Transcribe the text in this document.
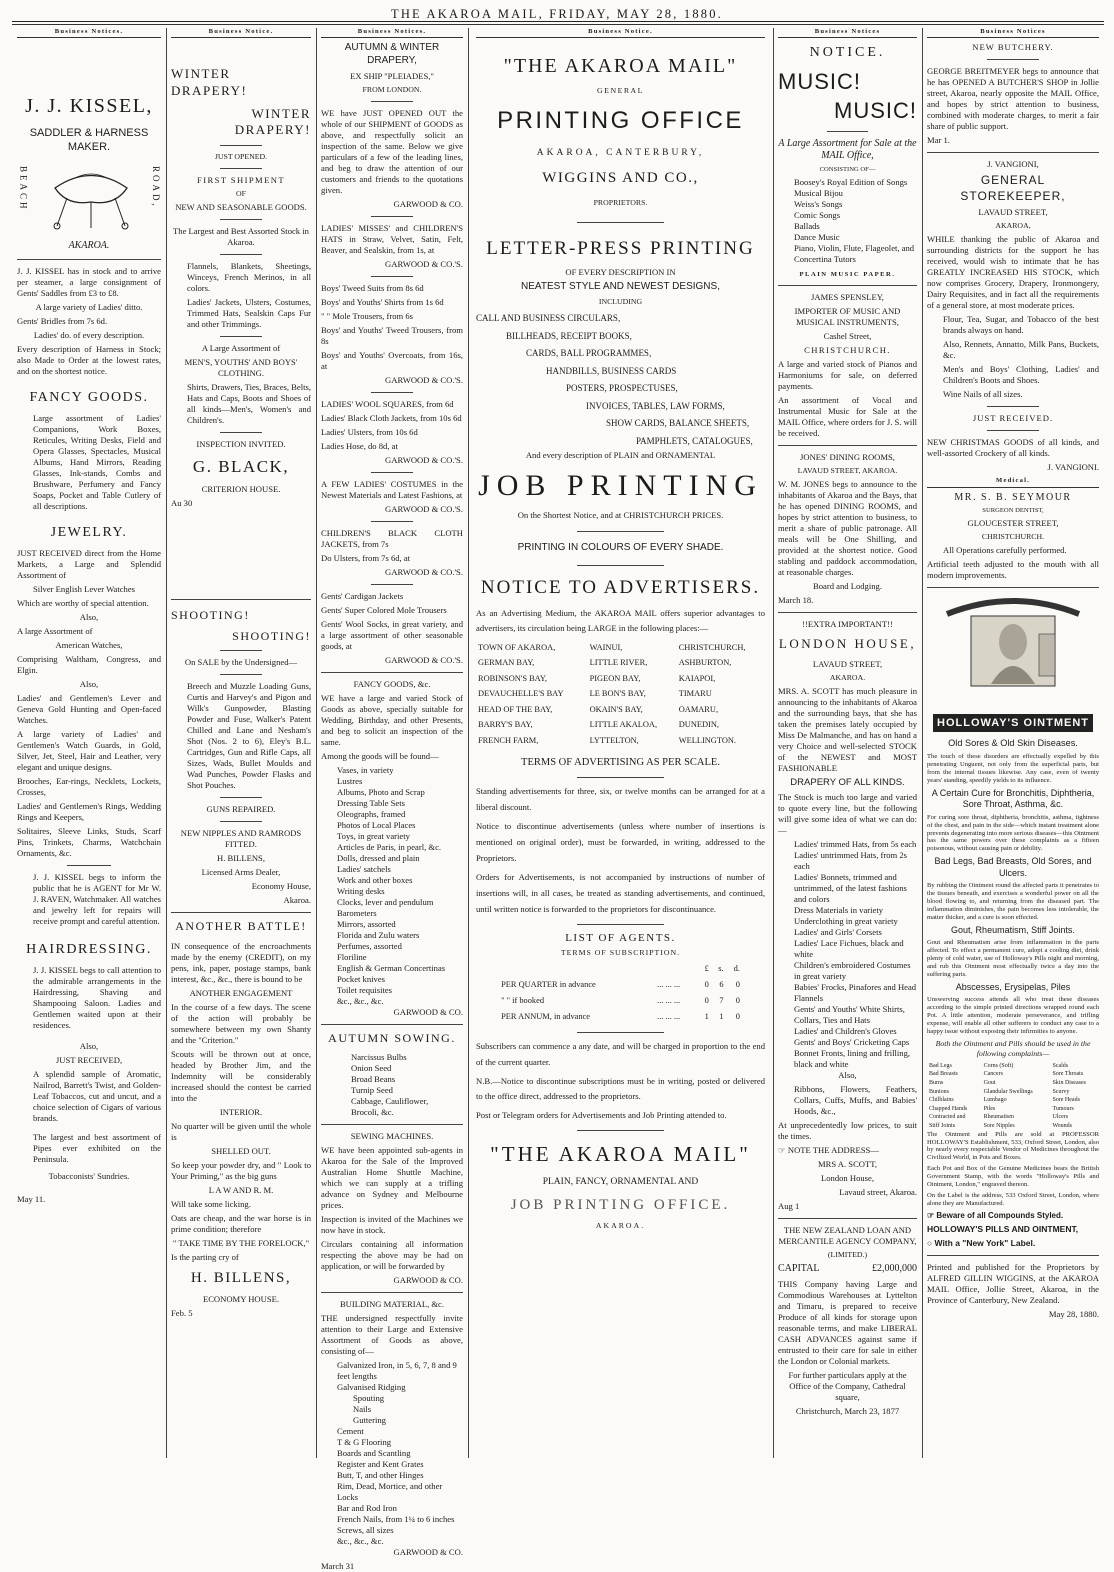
THE AKAROA MAIL, FRIDAY, MAY 28, 1880.
Business Notices.
J. J. KISSEL,
SADDLER & HARNESS MAKER.
BEACH	ROAD,
AKAROA.

J. J. KISSEL has in stock and to arrive per steamer, a large consignment of Gents' Saddles from £3 to £8.

A large variety of Ladies' ditto.

Gents' Bridles from 7s 6d.

Ladies' do. of every description.

Every description of Harness in Stock; also Made to Order at the lowest rates, and on the shortest notice.

FANCY GOODS.

Large assortment of Ladies' Companions, Work Boxes, Reticules, Writing Desks, Field and Opera Glasses, Spectacles, Musical Albums, Hand Mirrors, Reading Glasses, Ink-stands, Combs and Brushware, Perfumery and Fancy Soaps, Pocket and Table Cutlery of all descriptions.

JEWELRY.

JUST RECEIVED direct from the Home Markets, a Large and Splendid Assortment of

Silver English Lever Watches

Which are worthy of special attention.

Also,

A large Assortment of

American Watches,

Comprising Waltham, Congress, and Elgin.

Also,

Ladies' and Gentlemen's Lever and Geneva Gold Hunting and Open-faced Watches.

A large variety of Ladies' and Gentlemen's Watch Guards, in Gold, Silver, Jet, Steel, Hair and Leather, very elegant and unique designs.

Brooches, Ear-rings, Necklets, Lockets, Crosses,

Ladies' and Gentlemen's Rings, Wedding Rings and Keepers,

Solitaires, Sleeve Links, Studs, Scarf Pins, Trinkets, Charms, Watchchain Ornaments, &c.

J. J. KISSEL begs to inform the public that he is AGENT for Mr W. J. RAVEN, Watchmaker. All watches and jewelry left for repairs will receive prompt and careful attention.

HAIRDRESSING.

J. J. KISSEL begs to call attention to the admirable arrangements in the Hairdressing, Shaving and Shampooing Saloon. Ladies and Gentlemen waited upon at their residences.

Also,

JUST RECEIVED,

A splendid sample of Aromatic, Nailrod, Barrett's Twist, and Golden-Leaf Tobaccos, cut and uncut, and a choice selection of Cigars of various brands.

The largest and best assortment of Pipes ever exhibited on the Peninsula.

Tobacconists' Sundries.

May 11.

Business Notice.
WINTER DRAPERY!
WINTER DRAPERY!

JUST OPENED.

FIRST SHIPMENT

OF

NEW AND SEASONABLE GOODS.

The Largest and Best Assorted Stock in Akaroa.

Flannels, Blankets, Sheetings, Winceys, French Merinos, in all colors.

Ladies' Jackets, Ulsters, Costumes, Trimmed Hats, Sealskin Caps Fur and other Trimmings.

A Large Assortment of

MEN'S, YOUTHS' AND BOYS' CLOTHING.

Shirts, Drawers, Ties, Braces, Belts, Hats and Caps, Boots and Shoes of all kinds—Men's, Women's and Children's.

INSPECTION INVITED.

G. BLACK,

CRITERION HOUSE.

Au 30

SHOOTING!
SHOOTING!

On SALE by the Undersigned—

Breech and Muzzle Loading Guns, Curtis and Harvey's and Pigon and Wilk's Gunpowder, Blasting Powder and Fuse, Walker's Patent Chilled and Lane and Nesham's Shot (Nos. 2 to 6), Eley's B.L. Cartridges, Gun and Rifle Caps, all Sizes, Wads, Bullet Moulds and Wad Punches, Powder Flasks and Shot Pouches.

GUNS REPAIRED.

NEW NIPPLES AND RAMRODS FITTED.

H. BILLENS,

Licensed Arms Dealer,

Economy House,

Akaroa.

ANOTHER BATTLE!

IN consequence of the encroachments made by the enemy (CREDIT), on my pens, ink, paper, postage stamps, bank interest, &c., &c., there is bound to be

ANOTHER ENGAGEMENT

In the course of a few days. The scene of the action will probably be somewhere between my own Shanty and the "Criterion."

Scouts will be thrown out at once, headed by Brother Jim, and the Indemnity will be considerably increased should the contest be carried into the

INTERIOR.

No quarter will be given until the whole is

SHELLED OUT.

So keep your powder dry, and " Look to Your Priming," as the big guns

L A W AND R. M.

Will take some licking.

Oats are cheap, and the war horse is in prime condition; therefore

" TAKE TIME BY THE FORELOCK,"

Is the parting cry of

H. BILLENS,

ECONOMY HOUSE.

Feb. 5

Business Notices.

AUTUMN & WINTER DRAPERY,

EX SHIP "PLEIADES,"

FROM LONDON.

WE have JUST OPENED OUT the whole of our SHIPMENT of GOODS as above, and respectfully solicit an inspection of the same. Below we give particulars of a few of the leading lines, and beg to draw the attention of our customers and friends to the quotations given.

GARWOOD & CO.

LADIES' MISSES' and CHILDREN'S HATS in Straw, Velvet, Satin, Felt, Beaver, and Sealskin, from 1s, at

GARWOOD & CO.'S.

Boys' Tweed Suits from 8s 6d

Boys' and Youths' Shirts from 1s 6d

" " Mole Trousers, from 6s

Boys' and Youths' Tweed Trousers, from 8s

Boys' and Youths' Overcoats, from 16s, at

GARWOOD & CO.'S.

LADIES' WOOL SQUARES, from 6d

Ladies' Black Cloth Jackets, from 10s 6d

Ladies' Ulsters, from 10s 6d

Ladies Hose, do 8d, at

GARWOOD & CO.'S.

A FEW LADIES' COSTUMES in the Newest Materials and Latest Fashions, at

GARWOOD & CO.'S.

CHILDREN'S BLACK CLOTH JACKETS, from 7s

Do Ulsters, from 7s 6d, at

GARWOOD & CO.'S.

Gents' Cardigan Jackets

Gents' Super Colored Mole Trousers

Gents' Wool Socks, in great variety, and a large assortment of other seasonable goods, at

GARWOOD & CO.'S.

FANCY GOODS, &c.

WE have a large and varied Stock of Goods as above, specially suitable for Wedding, Birthday, and other Presents, and beg to solicit an inspection of the same.

Among the goods will be found—

Vases, in variety
Lustres
Albums, Photo and Scrap
Dressing Table Sets
Oleographs, framed
Photos of Local Places
Toys, in great variety
Articles de Paris, in pearl, &c.
Dolls, dressed and plain
Ladies' satchels
Work and other boxes
Writing desks
Clocks, lever and pendulum
Barometers
Mirrors, assorted
Florida and Zulu waters
Perfumes, assorted
Floriline
English & German Concertinas
Pocket knives
Toilet requisites
&c., &c., &c.

GARWOOD & CO.

AUTUMN SOWING.
Narcissus Bulbs
Onion Seed
Broad Beans
Turnip Seed
Cabbage, Cauliflower,
Brocoli, &c.

SEWING MACHINES.

WE have been appointed sub-agents in Akaroa for the Sale of the Improved Australian Home Shuttle Machine, which we can supply at a trifling advance on Sydney and Melbourne prices.

Inspection is invited of the Machines we now have in stock.

Circulars containing all information respecting the above may be had on application, or will be forwarded by

GARWOOD & CO.

BUILDING MATERIAL, &c.

THE undersigned respectfully invite attention to their Large and Extensive Assortment of Goods as above, consisting of—

Galvanized Iron, in 5, 6, 7, 8 and 9 feet lengths
Galvanised Ridging
Spouting
Nails
Guttering
Cement
T & G Flooring
Boards and Scantling
Register and Kent Grates
Butt, T, and other Hinges
Rim, Dead, Mortice, and other Locks
Bar and Rod Iron
French Nails, from 1¼ to 6 inches
Screws, all sizes
&c., &c., &c.

GARWOOD & CO.

March 31

Business Notice.
"THE AKAROA MAIL"

GENERAL

PRINTING OFFICE

AKAROA, CANTERBURY,

WIGGINS AND CO.,

PROPRIETORS.

LETTER-PRESS PRINTING

OF EVERY DESCRIPTION IN

NEATEST STYLE AND NEWEST DESIGNS,

INCLUDING

CALL AND BUSINESS CIRCULARS,
BILLHEADS, RECEIPT BOOKS,
CARDS, BALL PROGRAMMES,
HANDBILLS, BUSINESS CARDS
POSTERS, PROSPECTUSES,
INVOICES, TABLES, LAW FORMS,
SHOW CARDS, BALANCE SHEETS,
PAMPHLETS, CATALOGUES,

And every description of PLAIN and ORNAMENTAL

JOB PRINTING

On the Shortest Notice, and at CHRISTCHURCH PRICES.

PRINTING IN COLOURS OF EVERY SHADE.

NOTICE TO ADVERTISERS.

As an Advertising Medium, the AKAROA MAIL offers superior advantages to advertisers, its circulation being LARGE in the following places:—

TOWN OF AKAROA,	WAINUI,	CHRISTCHURCH,
GERMAN BAY,	LITTLE RIVER,	ASHBURTON,
ROBINSON'S BAY,	PIGEON BAY,	KAIAPOI,
DEVAUCHELLE'S BAY	LE BON'S BAY,	TIMARU
HEAD OF THE BAY,	OKAIN'S BAY,	OAMARU,
BARRY'S BAY,	LITTLE AKALOA,	DUNEDIN,
FRENCH FARM,	LYTTELTON,	WELLINGTON.

TERMS OF ADVERTISING AS PER SCALE.

Standing advertisements for three, six, or twelve months can be arranged for at a liberal discount.

Notice to discontinue advertisements (unless where number of insertions is mentioned on original order), must be forwarded, in writing, addressed to the Proprietors.

Orders for Advertisements, is not accompanied by instructions of number of insertions will, in all cases, be treated as standing advertisements, and continued, until written notice is forwarded to the proprietors for discontinuance.

LIST OF AGENTS.

TERMS OF SUBSCRIPTION.

		£	s.	d.
PER QUARTER in advance	... ... ...	0	6	0
" " if booked	... ... ...	0	7	0
PER ANNUM, in advance	... ... ...	1	1	0

Subscribers can commence a any date, and will be charged in proportion to the end of the current quarter.

N.B.—Notice to discontinue subscriptions must be in writing, posted or delivered to the office direct, addressed to the proprietors.

Post or Telegram orders for Advertisements and Job Printing attended to.

"THE AKAROA MAIL"

PLAIN, FANCY, ORNAMENTAL AND

JOB PRINTING OFFICE.

AKAROA.

Business Notices
NOTICE.
MUSIC!
MUSIC!

A Large Assortment for Sale at the MAIL Office,

CONSISTING OF—

Boosey's Royal Edition of Songs
Musical Bijou
Weiss's Songs
Comic Songs
Ballads
Dance Music
Piano, Violin, Flute, Flageolet, and Concertina Tutors

PLAIN MUSIC PAPER.

JAMES SPENSLEY,

IMPORTER OF MUSIC AND MUSICAL INSTRUMENTS,

Cashel Street,

CHRISTCHURCH.

A large and varied stock of Pianos and Harmoniums for sale, on deferred payments.

An assortment of Vocal and Instrumental Music for Sale at the MAIL Office, where orders for J. S. will be received.

JONES' DINING ROOMS,

LAVAUD STREET, AKAROA.

W. M. JONES begs to announce to the inhabitants of Akaroa and the Bays, that he has opened DINING ROOMS, and hopes by strict attention to business, to merit a share of public patronage. All meals will be One Shilling, and provided at the shortest notice. Good stabling and paddock accommodation, at reasonable charges.

Board and Lodging.

March 18.

!!EXTRA IMPORTANT!!

LONDON HOUSE,

LAVAUD STREET,

AKAROA.

MRS. A. SCOTT has much pleasure in announcing to the inhabitants of Akaroa and the surrounding bays, that she has taken the premises lately occupied by Miss De Malmanche, and has on hand a very Choice and well-selected STOCK of the NEWEST and MOST FASHIONABLE

DRAPERY OF ALL KINDS.

The Stock is much too large and varied to quote every line, but the following will give some idea of what we can do:—

Ladies' trimmed Hats, from 5s each
Ladies' untrimmed Hats, from 2s each
Ladies' Bonnets, trimmed and untrimmed, of the latest fashions and colors
Dress Materials in variety
Underclothing in great variety
Ladies' and Girls' Corsets
Ladies' Lace Fichues, black and white
Children's embroidered Costumes in great variety
Babies' Frocks, Pinafores and Head Flannels
Gents' and Youths' White Shirts, Collars, Ties and Hats
Ladies' and Children's Gloves
Gents' and Boys' Cricketing Caps
Bonnet Fronts, lining and frilling, black and white

Also,

Ribbons, Flowers, Feathers, Collars, Cuffs, Muffs, and Babies' Hoods, &c.,

At unprecedentedly low prices, to suit the times.

☞ NOTE THE ADDRESS—

MRS A. SCOTT,

London House,

Lavaud street, Akaroa.

Aug 1

THE NEW ZEALAND LOAN AND MERCANTILE AGENCY COMPANY,

(LIMITED.)

CAPITAL	£2,000,000

THIS Company having Large and Commodious Warehouses at Lyttelton and Timaru, is prepared to receive Produce of all kinds for storage upon reasonable terms, and make LIBERAL CASH ADVANCES against same if entrusted to their care for sale in either the London or Colonial markets.

For further particulars apply at the Office of the Company, Cathedral square,

Christchurch, March 23, 1877

Business Notices

NEW BUTCHERY.

GEORGE BREITMEYER begs to announce that he has OPENED A BUTCHER'S SHOP in Jollie street, Akaroa, nearly opposite the MAIL Office, and hopes by strict attention to business, combined with moderate charges, to merit a fair share of public support.

Mar 1.

J. VANGIONI,

GENERAL STOREKEEPER,

LAVAUD STREET,

AKAROA,

WHILE thanking the public of Akaroa and surrounding districts for the support he has received, would wish to intimate that he has GREATLY INCREASED HIS STOCK, which now comprises Grocery, Drapery, Ironmongery, Dairy Requisites, and in fact all the requirements of a general store, at most moderate prices.

Flour, Tea, Sugar, and Tobacco of the best brands always on hand.

Also, Rennets, Annatto, Milk Pans, Buckets, &c.

Men's and Boys' Clothing, Ladies' and Children's Boots and Shoes.

Wine Nails of all sizes.

JUST RECEIVED.

NEW CHRISTMAS GOODS of all kinds, and well-assorted Crockery of all kinds.

J. VANGIONI.

Medical.

MR. S. B. SEYMOUR

SURGEON DENTIST,

GLOUCESTER STREET,

CHRISTCHURCH.

All Operations carefully performed.

Artificial teeth adjusted to the mouth with all modern improvements.

HOLLOWAY'S OINTMENT

Old Sores & Old Skin Diseases.

The touch of these disorders are effectually expelled by this penetrating Unguent, not only from the superficial parts, but from the internal tissues likewise. Any case, even of twenty years' standing, speedily yields to its influence.

A Certain Cure for Bronchitis, Diphtheria, Sore Throat, Asthma, &c.

For curing sore throat, diphtheria, bronchitis, asthma, tightness of the chest, and pain in the side—which instant treatment alone prevents degenerating into more serious diseases—this Ointment has the same powers over these complaints as a fifteen poisonous, without causing pain or debility.

Bad Legs, Bad Breasts, Old Sores, and Ulcers.

By rubbing the Ointment round the affected parts it penetrates to the tissues beneath, and exercises a wonderful power on all the blood flowing to, and returning from the diseased part. The inflammation diminishes, the pain becomes less intolerable, the matter thicker, and a cure is soon effected.

Gout, Rheumatism, Stiff Joints.

Gout and Rheumatism arise from inflammation in the parts affected. To effect a permanent cure, adopt a cooling diet, drink plenty of cold water, use of Holloway's Pills night and morning, and rub this Ointment most effectually twice a day into the suffering parts.

Abscesses, Erysipelas, Piles

Unswerving success attends all who treat these diseases according to the simple printed directions wrapped round each Pot. A little attention, moderate perseverance, and trifling expense, will enable all other sufferers to conduct any case to a happy issue without exposing their infirmities to anyone.

Both the Ointment and Pills should be used in the following complaints—

Bad Legs	Corns (Soft)	Scalds
Bad Breasts	Cancers	Sore Throats
Burns	Gout	Skin Diseases
Bunions	Glandular Swellings	Scurvy
Chilblains	Lumbago	Sore Heads
Chapped Hands	Piles	Tumours
Contracted and	Rheumatism	Ulcers
Stiff Joints	Sore Nipples	Wounds

The Ointment and Pills are sold at PROFESSOR HOLLOWAY'S Establishment, 533, Oxford Street, London, also by nearly every respectable Vendor of Medicines throughout the Civilized World, in Pots and Boxes.

Each Pot and Box of the Genuine Medicines bears the British Government Stamp, with the words "Holloway's Pills and Ointment, London," engraved thereon.

On the Label is the address, 533 Oxford Street, London, where alone they are Manufactured.

☞ Beware of all Compounds Styled.

HOLLOWAY'S PILLS AND OINTMENT,

○ With a "New York" Label.

Printed and published for the Proprietors by ALFRED GILLIN WIGGINS, at the AKAROA MAIL Office, Jollie Street, Akaroa, in the Province of Canterbury, New Zealand.

May 28, 1880.
